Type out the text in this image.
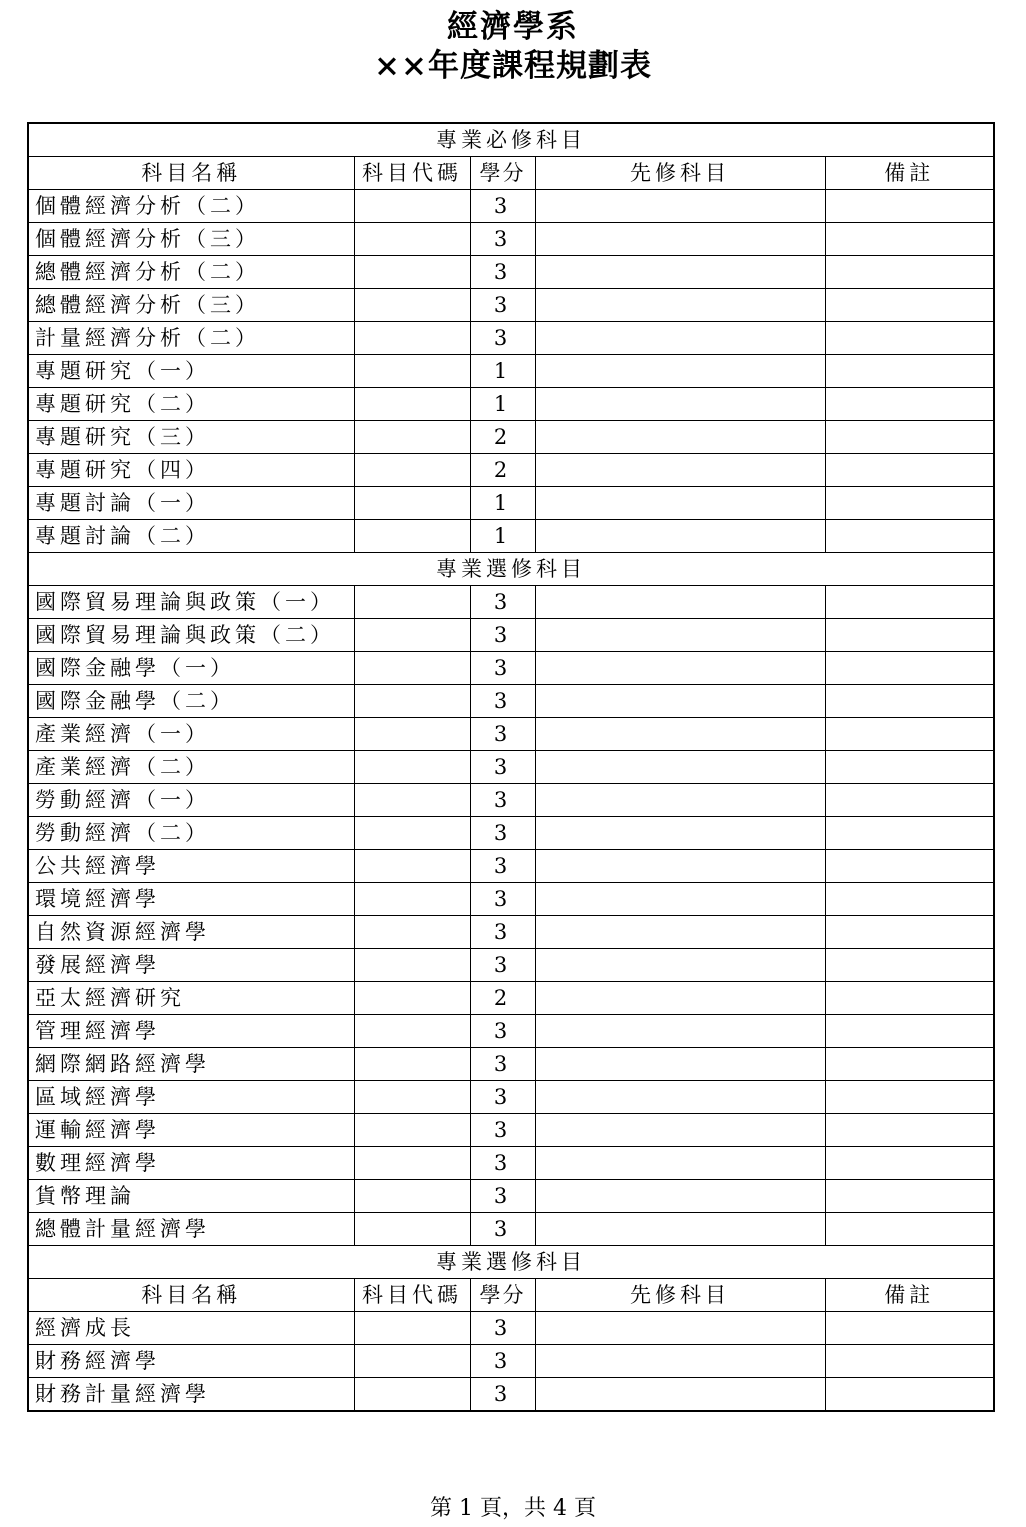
經濟學系
××年度課程規劃表
專業必修科目				
科目名稱	科目代碼	學分	先修科目	備註
個體經濟分析（二）		3		
個體經濟分析（三）		3		
總體經濟分析（二）		3		
總體經濟分析（三）		3		
計量經濟分析（二）		3		
專題研究（一）		1		
專題研究（二）		1		
專題研究（三）		2		
專題研究（四）		2		
專題討論（一）		1		
專題討論（二）		1		
專業選修科目				
國際貿易理論與政策（一）		3		
國際貿易理論與政策（二）		3		
國際金融學（一）		3		
國際金融學（二）		3		
產業經濟（一）		3		
產業經濟（二）		3		
勞動經濟（一）		3		
勞動經濟（二）		3		
公共經濟學		3		
環境經濟學		3		
自然資源經濟學		3		
發展經濟學		3		
亞太經濟研究		2		
管理經濟學		3		
網際網路經濟學		3		
區域經濟學		3		
運輸經濟學		3		
數理經濟學		3		
貨幣理論		3		
總體計量經濟學		3		
專業選修科目				
科目名稱	科目代碼	學分	先修科目	備註
經濟成長		3		
財務經濟學		3		
財務計量經濟學		3		
第 1 頁，共 4 頁
